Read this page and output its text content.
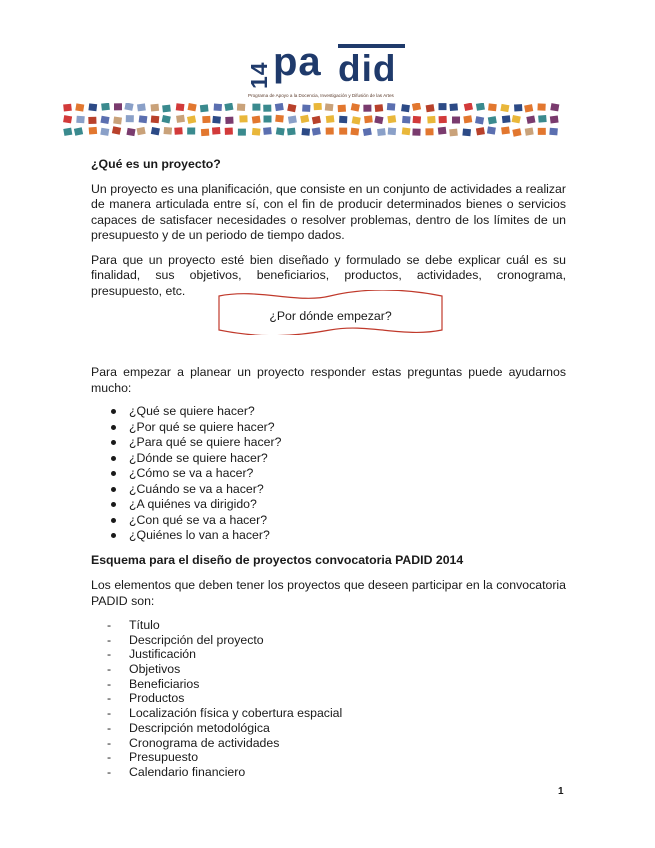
14 pa did
Programa de Apoyo a la Docencia, Investigación y Difusión de las Artes

¿Qué es un proyecto?

Un proyecto es una planificación, que consiste en un conjunto de actividades a realizar de manera articulada entre sí, con el fin de producir determinados bienes o servicios capaces de satisfacer necesidades o resolver problemas, dentro de los límites de un presupuesto y de un periodo de tiempo dados.

Para que un proyecto esté bien diseñado y formulado se debe explicar cuál es su finalidad, sus objetivos, beneficiarios, productos, actividades, cronograma, presupuesto, etc.

Para empezar a planear un proyecto responder estas preguntas puede ayudarnos mucho:

¿Qué se quiere hacer?
¿Por qué se quiere hacer?
¿Para qué se quiere hacer?
¿Dónde se quiere hacer?
¿Cómo se va a hacer?
¿Cuándo se va a hacer?
¿A quiénes va dirigido?
¿Con qué se va a hacer?
¿Quiénes lo van a hacer?

Esquema para el diseño de proyectos convocatoria PADID 2014

Los elementos que deben tener los proyectos que deseen participar en la convocatoria PADID son:

- Título
- Descripción del proyecto
- Justificación
- Objetivos
- Beneficiarios
- Productos
- Localización física y cobertura espacial
- Descripción metodológica
- Cronograma de actividades
- Presupuesto
- Calendario financiero
¿Por dónde empezar?
1
